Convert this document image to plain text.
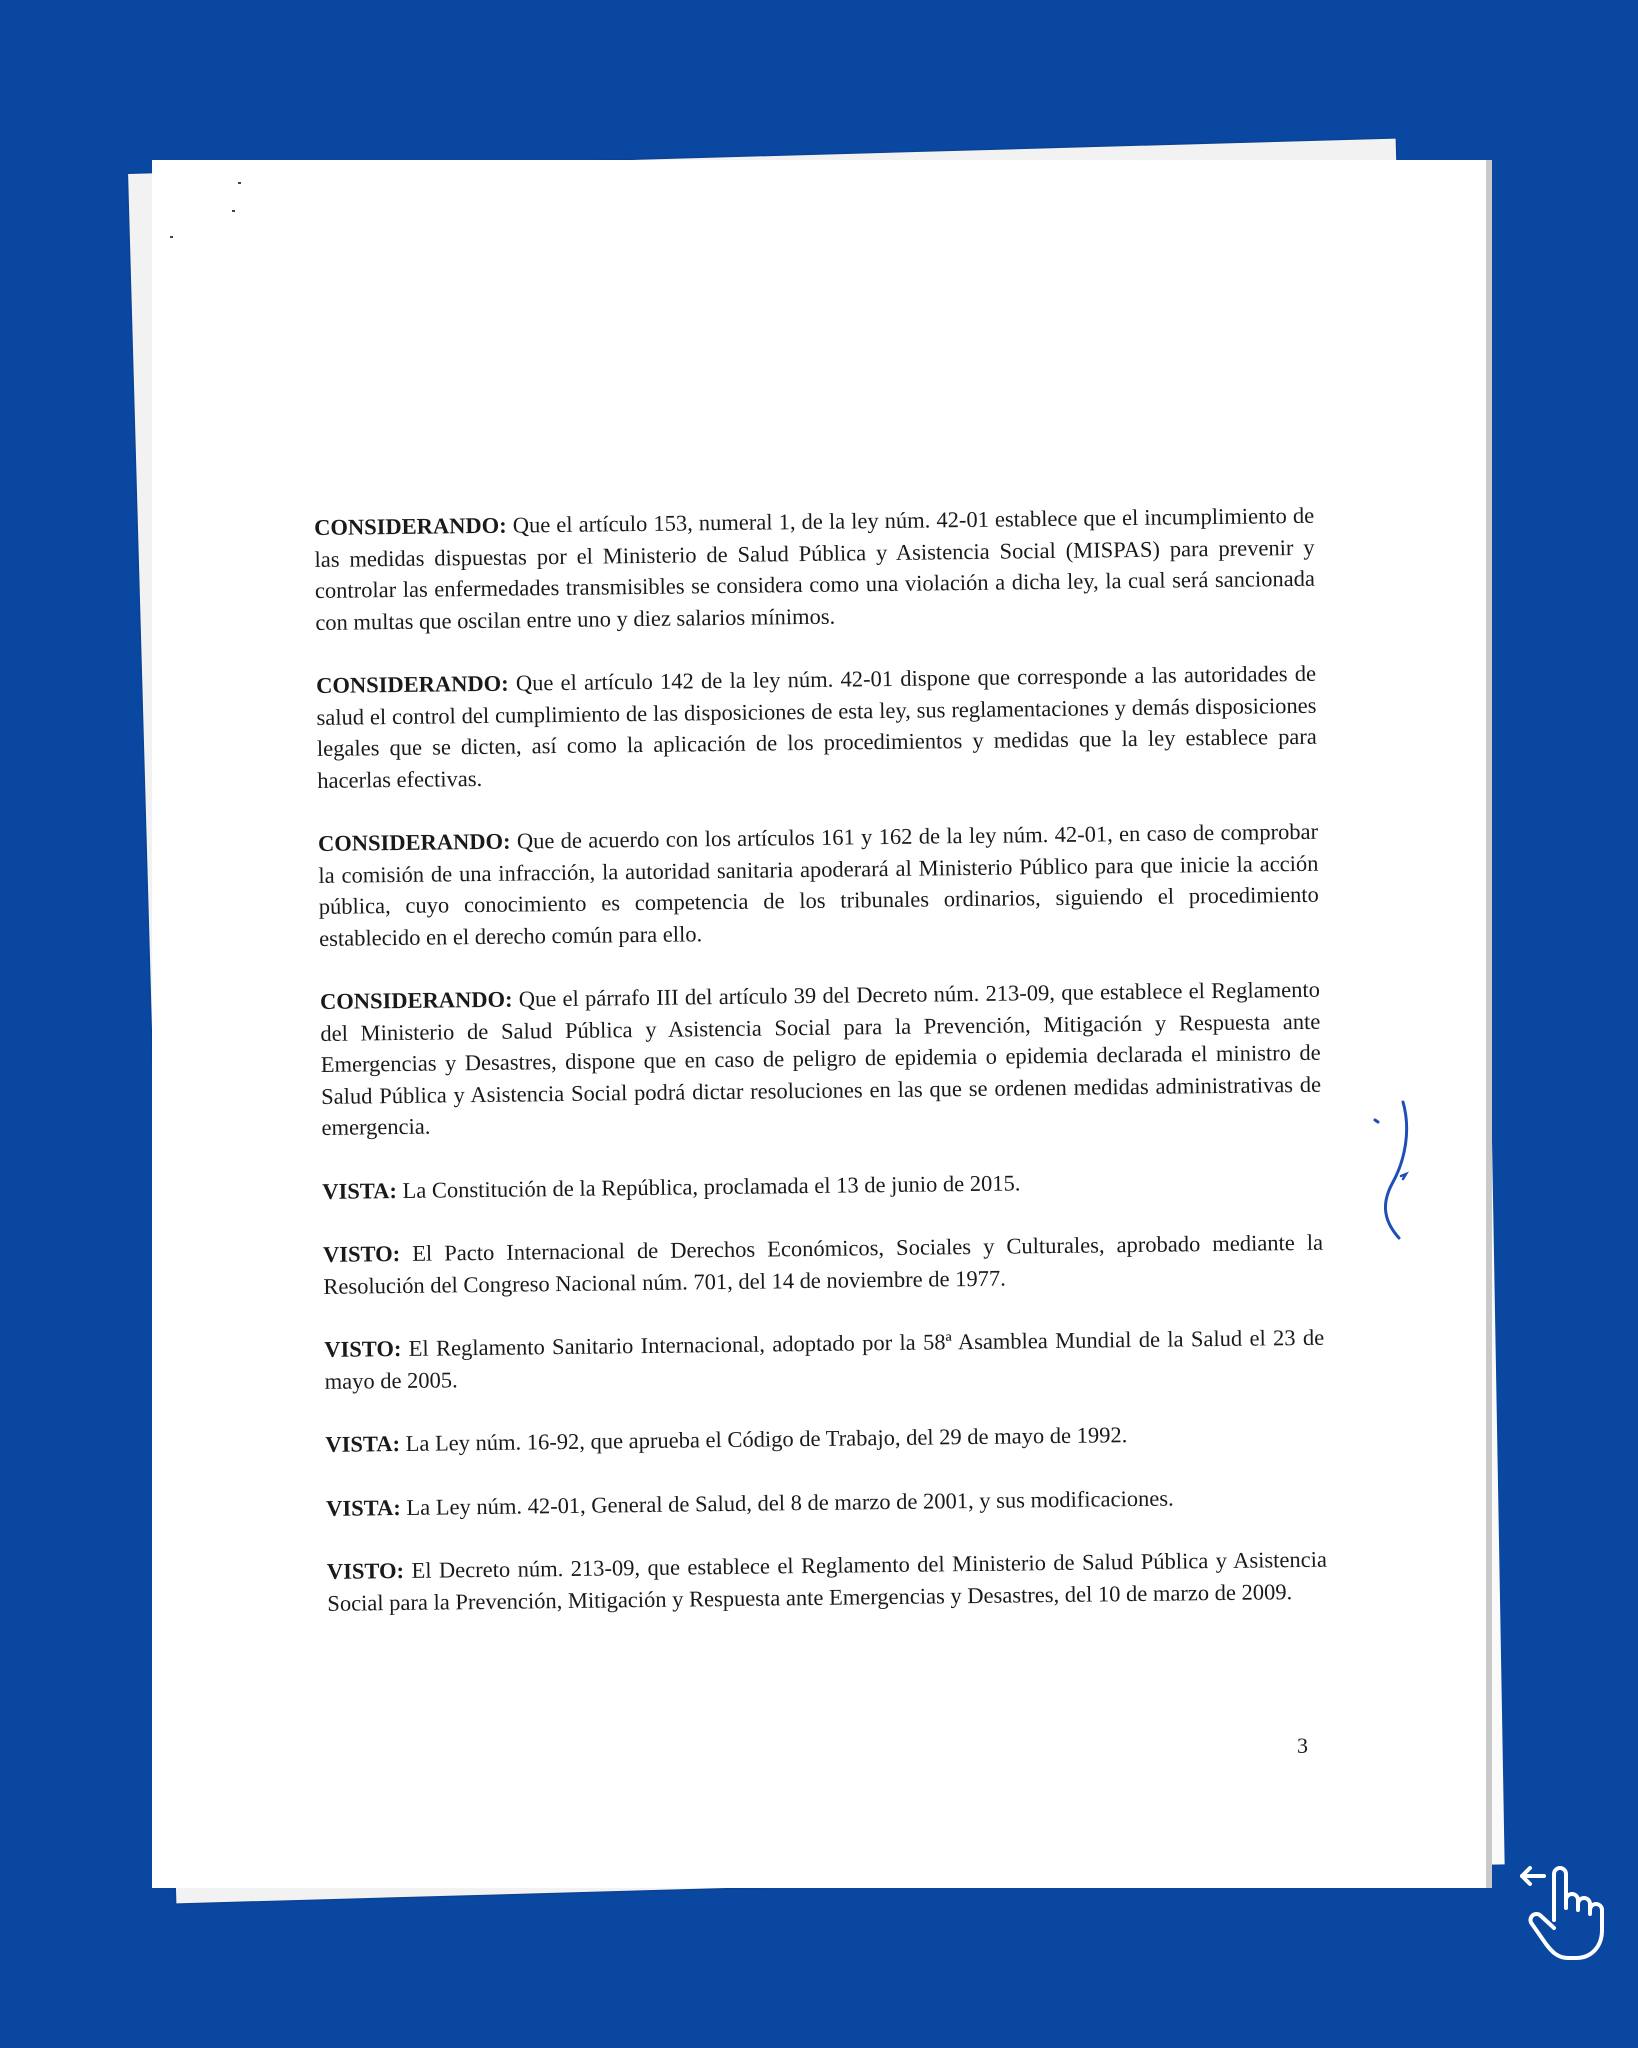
CONSIDERANDO: Que el artículo 153, numeral 1, de la ley núm. 42-01 establece que el incumplimiento de las medidas dispuestas por el Ministerio de Salud Pública y Asistencia Social (MISPAS) para prevenir y controlar las enfermedades transmisibles se considera como una violación a dicha ley, la cual será sancionada con multas que oscilan entre uno y diez salarios mínimos.

CONSIDERANDO: Que el artículo 142 de la ley núm. 42-01 dispone que corresponde a las autoridades de salud el control del cumplimiento de las disposiciones de esta ley, sus reglamentaciones y demás disposiciones legales que se dicten, así como la aplicación de los procedimientos y medidas que la ley establece para hacerlas efectivas.

CONSIDERANDO: Que de acuerdo con los artículos 161 y 162 de la ley núm. 42-01, en caso de comprobar la comisión de una infracción, la autoridad sanitaria apoderará al Ministerio Público para que inicie la acción pública, cuyo conocimiento es competencia de los tribunales ordinarios, siguiendo el procedimiento establecido en el derecho común para ello.

CONSIDERANDO: Que el párrafo III del artículo 39 del Decreto núm. 213-09, que establece el Reglamento del Ministerio de Salud Pública y Asistencia Social para la Prevención, Mitigación y Respuesta ante Emergencias y Desastres, dispone que en caso de peligro de epidemia o epidemia declarada el ministro de Salud Pública y Asistencia Social podrá dictar resoluciones en las que se ordenen medidas administrativas de emergencia.

VISTA: La Constitución de la República, proclamada el 13 de junio de 2015.

VISTO: El Pacto Internacional de Derechos Económicos, Sociales y Culturales, aprobado mediante la Resolución del Congreso Nacional núm. 701, del 14 de noviembre de 1977.

VISTO: El Reglamento Sanitario Internacional, adoptado por la 58ª Asamblea Mundial de la Salud el 23 de mayo de 2005.

VISTA: La Ley núm. 16-92, que aprueba el Código de Trabajo, del 29 de mayo de 1992.

VISTA: La Ley núm. 42-01, General de Salud, del 8 de marzo de 2001, y sus modificaciones.

VISTO: El Decreto núm. 213-09, que establece el Reglamento del Ministerio de Salud Pública y Asistencia Social para la Prevención, Mitigación y Respuesta ante Emergencias y Desastres, del 10 de marzo de 2009.

3
